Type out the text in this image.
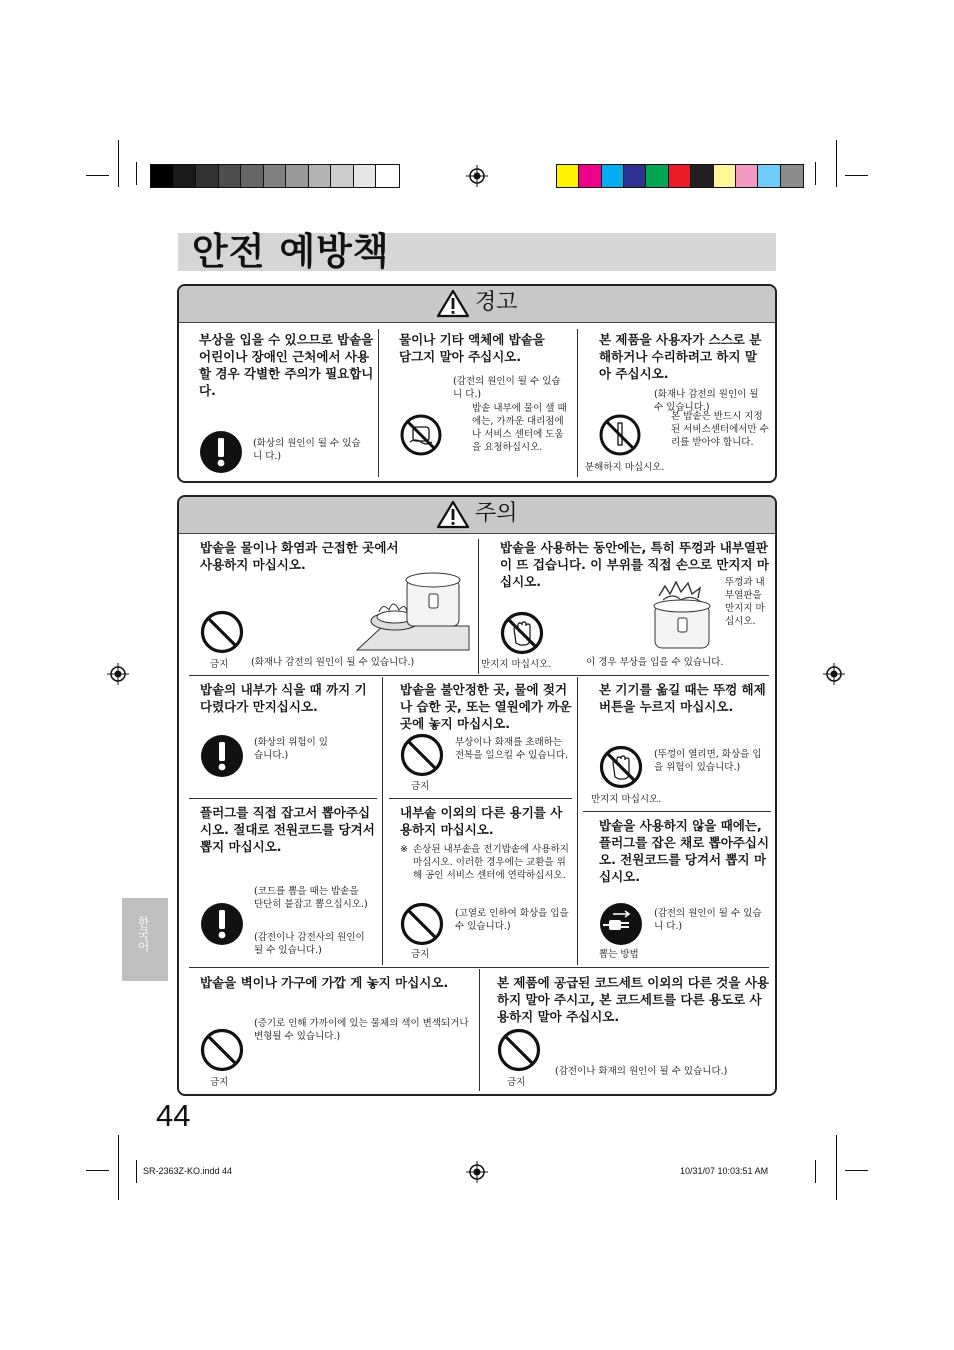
안전 예방책
경고
부상을 입을 수 있으므로 밥솥을 어린이나 장애인 근처에서 사용할 경우 각별한 주의가 필요합니다.
(화상의 원인이 될 수 있습니 다.)
물이나 기타 액체에 밥솥을 담그지 말아 주십시오.
(감전의 원인이 될 수 있습니 다.)
밥솥 내부에 물이 샐 때에는, 가까운 대리점에나 서비스 센터에 도움을 요청하십시오.
본 제품을 사용자가 스스로 분해하거나 수리하려고 하지 말아 주십시오.
(화재나 감전의 원인이 될 수 있습니다.)
본 밥솥은 반드시 지정된 서비스센터에서만 수리를 받아야 합니다.
분해하지 마십시오.
주의
밥솥을 물이나 화염과 근접한 곳에서 사용하지 마십시오.
금지 (화재나 감전의 원인이 될 수 있습니다.)
밥솥을 사용하는 동안에는, 특히 뚜껑과 내부열판이 뜨 겁습니다. 이 부위를 직접 손으로 만지지 마십시오.	뚜껑과 내부열판을 만지지 마십시오.
만지지 마십시오.	이 경우 부상을 입을 수 있습니다.
밥솥의 내부가 식을 때 까지 기다렸다가 만지십시오.
(화상의 위험이 있습니다.)
밥솥을 불안정한 곳, 물에 젖거나 습한 곳, 또는 열원에가 까운 곳에 놓지 마십시오.
부상이나 화재를 초래하는 전복을 일으킬 수 있습니다.
금지
본 기기를 옮길 때는 뚜껑 해제 버튼을 누르지 마십시오.
(뚜껑이 열리면, 화상을 입을 위험이 있습니다.)
만지지 마십시오.
플러그를 직접 잡고서 뽑아주십시오. 절대로 전원코드를 당겨서 뽑지 마십시오.
(코드를 뽑을 때는 밥솥을 단단히 붙잡고 뽑으십시오.)
(감전이나 감전사의 원인이 될 수 있습니다.)
내부솥 이외의 다른 용기를 사용하지 마십시오.
※ 손상된 내부솥을 전기밥솥에 사용하지 마십시오. 이러한 경우에는 교환을 위해 공인 서비스 센터에 연락하십시오.
(고열로 인하여 화상을 입을 수 있습니다.)
금지
밥솥을 사용하지 않을 때에는, 플러그를 잡은 채로 뽑아주십시오. 전원코드를 당겨서 뽑지 마십시오.
(감전의 원인이 될 수 있습니 다.)
뽑는 방법
밥솥을 벽이나 가구에 가깝 게 놓지 마십시오.
(증기로 인해 가까이에 있는 물체의 색이 변색되거나 변형될 수 있습니다.)
금지
본 제품에 공급된 코드세트 이외의 다른 것을 사용하지 말아 주시고, 본 코드세트를 다른 용도로 사용하지 말아 주십시오.
(감전이나 화재의 원인이 될 수 있습니다.)
금지
한국어
44
SR-2363Z-KO.indd 44	10/31/07 10:03:51 AM
